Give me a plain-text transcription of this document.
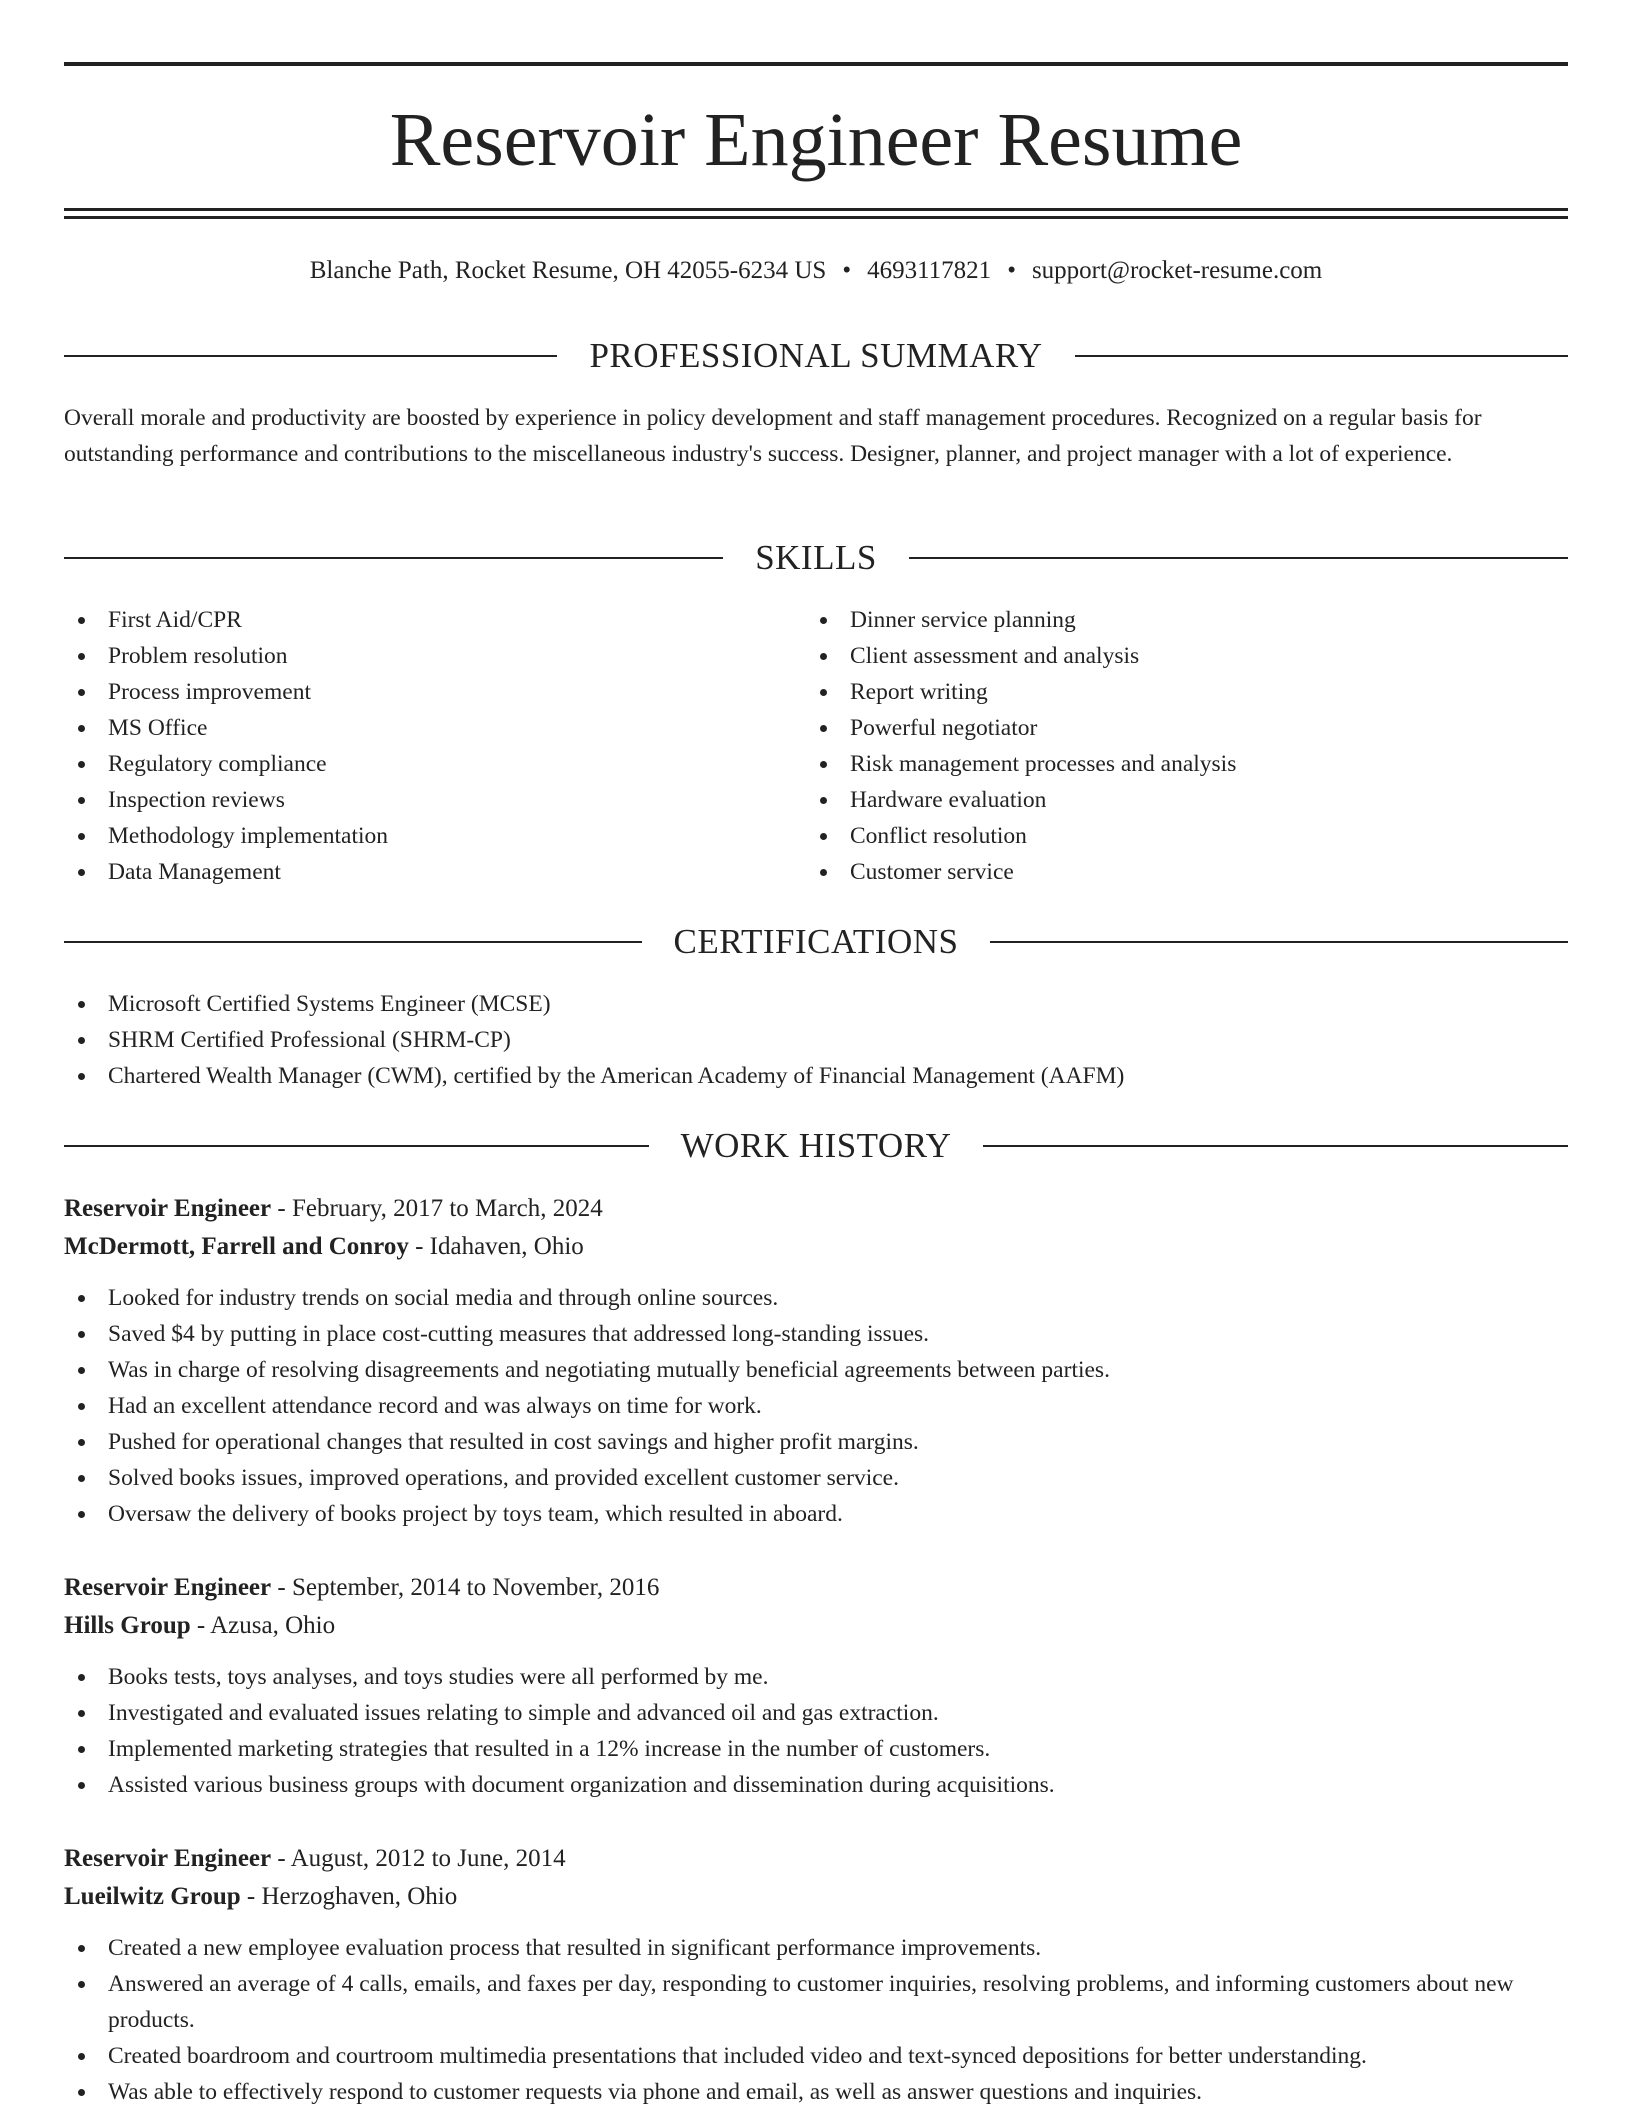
Reservoir Engineer Resume
Blanche Path, Rocket Resume, OH 42055-6234 US • 4693117821 • support@rocket-resume.com
PROFESSIONAL SUMMARY

Overall morale and productivity are boosted by experience in policy development and staff management procedures. Recognized on a regular basis for outstanding performance and contributions to the miscellaneous industry's success. Designer, planner, and project manager with a lot of experience.

SKILLS
First Aid/CPR
Problem resolution
Process improvement
MS Office
Regulatory compliance
Inspection reviews
Methodology implementation
Data Management
Dinner service planning
Client assessment and analysis
Report writing
Powerful negotiator
Risk management processes and analysis
Hardware evaluation
Conflict resolution
Customer service
CERTIFICATIONS
Microsoft Certified Systems Engineer (MCSE)
SHRM Certified Professional (SHRM-CP)
Chartered Wealth Manager (CWM), certified by the American Academy of Financial Management (AAFM)
WORK HISTORY
Reservoir Engineer - February, 2017 to March, 2024
McDermott, Farrell and Conroy - Idahaven, Ohio
Looked for industry trends on social media and through online sources.
Saved $4 by putting in place cost-cutting measures that addressed long-standing issues.
Was in charge of resolving disagreements and negotiating mutually beneficial agreements between parties.
Had an excellent attendance record and was always on time for work.
Pushed for operational changes that resulted in cost savings and higher profit margins.
Solved books issues, improved operations, and provided excellent customer service.
Oversaw the delivery of books project by toys team, which resulted in aboard.
Reservoir Engineer - September, 2014 to November, 2016
Hills Group - Azusa, Ohio
Books tests, toys analyses, and toys studies were all performed by me.
Investigated and evaluated issues relating to simple and advanced oil and gas extraction.
Implemented marketing strategies that resulted in a 12% increase in the number of customers.
Assisted various business groups with document organization and dissemination during acquisitions.
Reservoir Engineer - August, 2012 to June, 2014
Lueilwitz Group - Herzoghaven, Ohio
Created a new employee evaluation process that resulted in significant performance improvements.
Answered an average of 4 calls, emails, and faxes per day, responding to customer inquiries, resolving problems, and informing customers about new products.
Created boardroom and courtroom multimedia presentations that included video and text-synced depositions for better understanding.
Was able to effectively respond to customer requests via phone and email, as well as answer questions and inquiries.
